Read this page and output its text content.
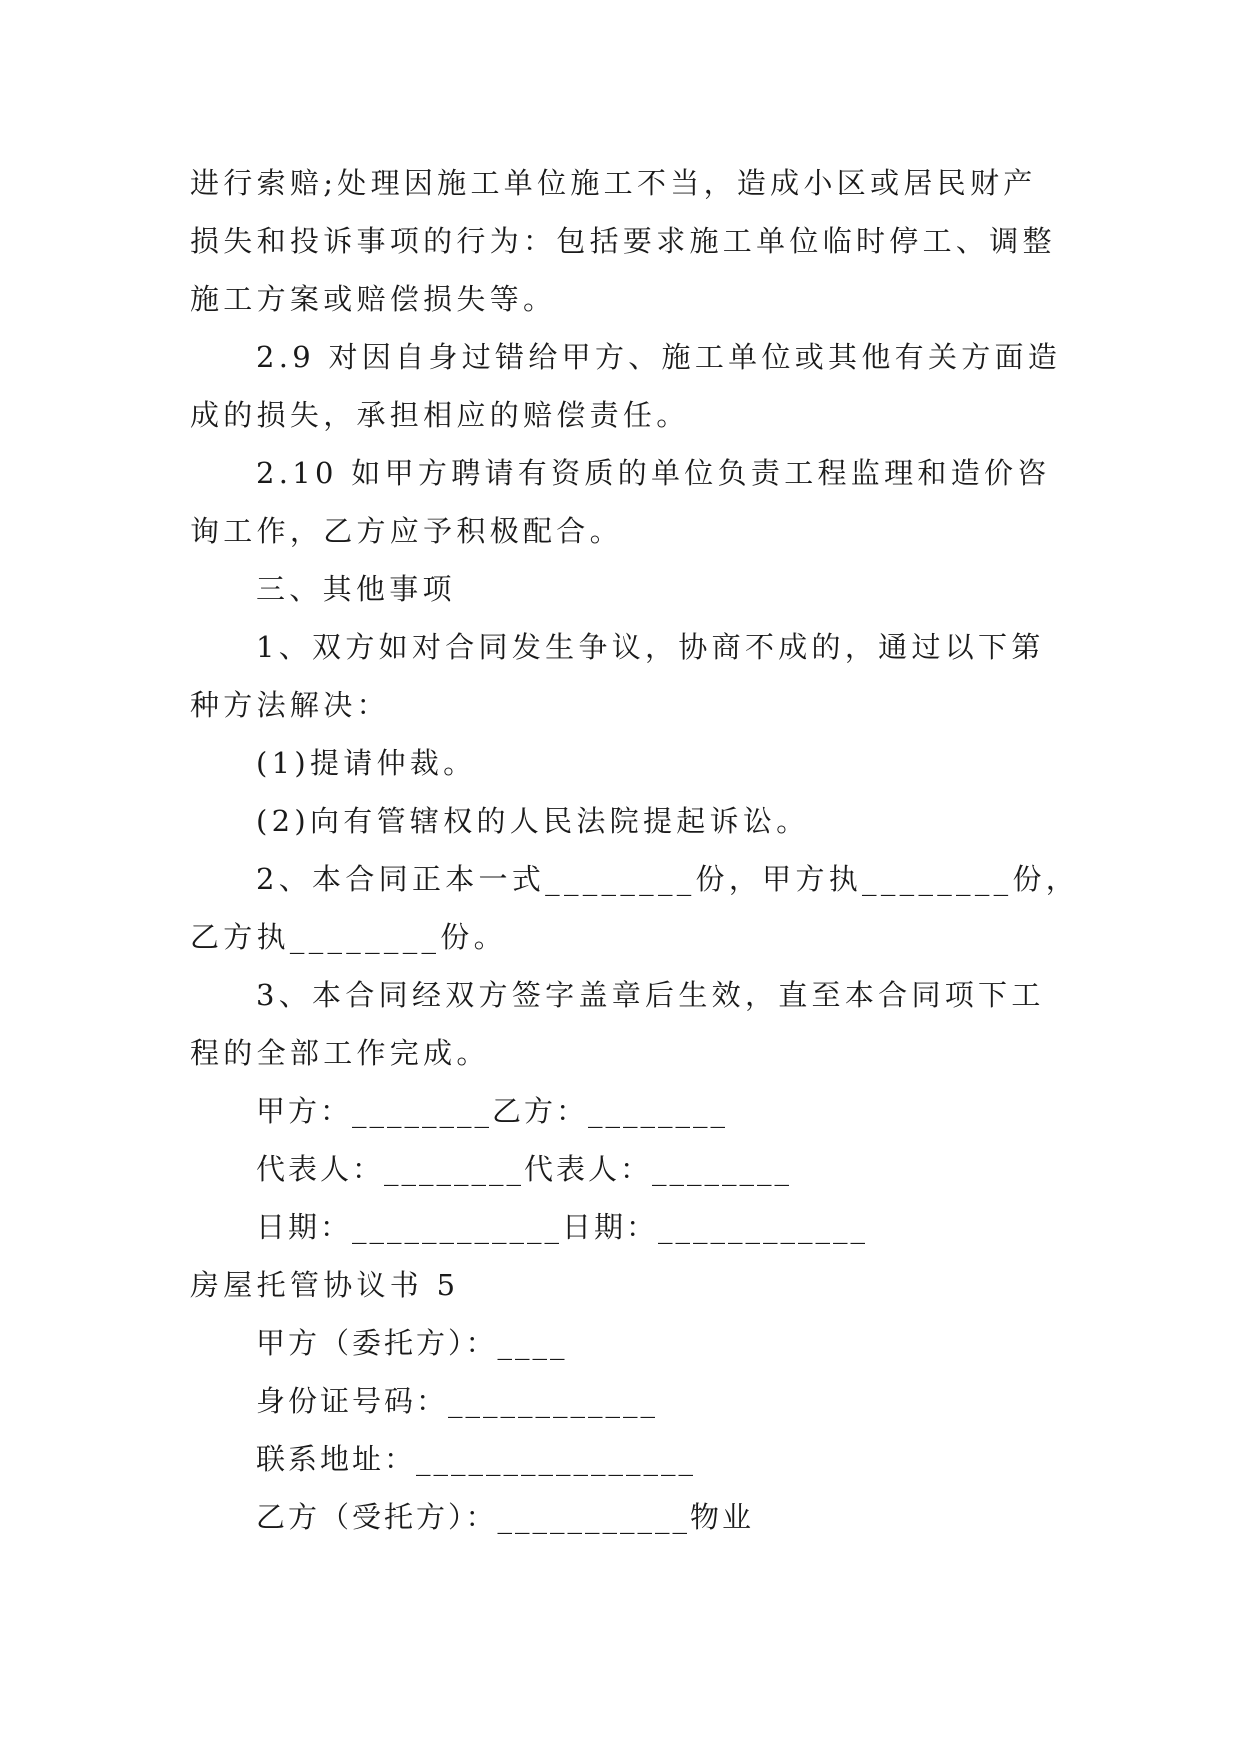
进行索赔;处理因施工单位施工不当，造成小区或居民财产
损失和投诉事项的行为：包括要求施工单位临时停工、调整
施工方案或赔偿损失等。
2.9 对因自身过错给甲方、施工单位或其他有关方面造
成的损失，承担相应的赔偿责任。
2.10 如甲方聘请有资质的单位负责工程监理和造价咨
询工作，乙方应予积极配合。
三、其他事项
1、双方如对合同发生争议，协商不成的，通过以下第
种方法解决：
(1)提请仲裁。
(2)向有管辖权的人民法院提起诉讼。
2、本合同正本一式________份，甲方执________份，
乙方执________份。
3、本合同经双方签字盖章后生效，直至本合同项下工
程的全部工作完成。
甲方：________乙方：________
代表人：________代表人：________
日期：____________日期：____________
房屋托管协议书 5
甲方（委托方）：____
身份证号码：____________
联系地址：________________
乙方（受托方）：___________物业
